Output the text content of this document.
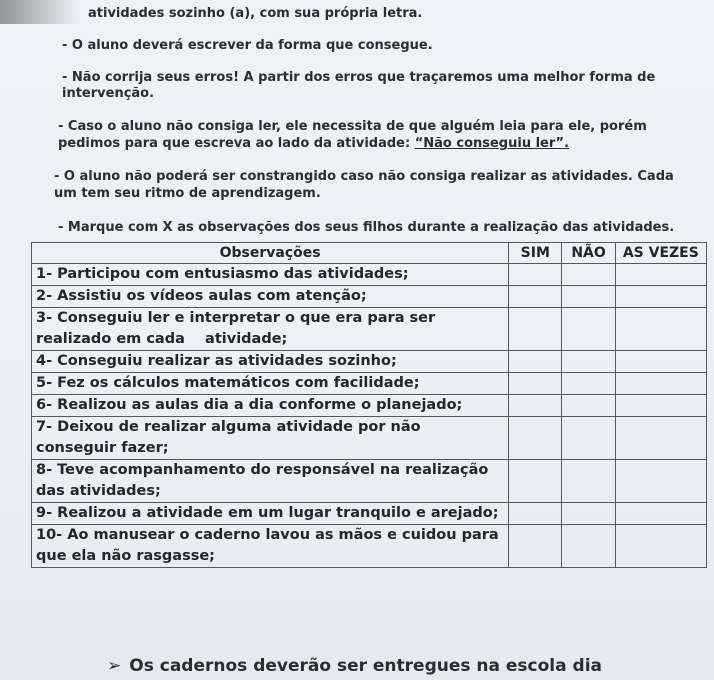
atividades sozinho (a), com sua própria letra.
- O aluno deverá escrever da forma que consegue.
- Não corrija seus erros! A partir dos erros que traçaremos uma melhor forma de
intervenção.
- Caso o aluno não consiga ler, ele necessita de que alguém leia para ele, porém
pedimos para que escreva ao lado da atividade: “Não conseguiu ler”.
- O aluno não poderá ser constrangido caso não consiga realizar as atividades. Cada
um tem seu ritmo de aprendizagem.
- Marque com X as observações dos seus filhos durante a realização das atividades.
Observações	SIM	NÃO	AS VEZES
1- Participou com entusiasmo das atividades;			
2- Assistiu os vídeos aulas com atenção;			
3- Conseguiu ler e interpretar o que era para ser realizado em cada    atividade;			
4- Conseguiu realizar as atividades sozinho;			
5- Fez os cálculos matemáticos com facilidade;			
6- Realizou as aulas dia a dia conforme o planejado;			
7- Deixou de realizar alguma atividade por não conseguir fazer;			
8- Teve acompanhamento do responsável na realização das atividades;			
9- Realizou a atividade em um lugar tranquilo e arejado;			
10- Ao manusear o caderno lavou as mãos e cuidou para que ela não rasgasse;			
➢ Os cadernos deverão ser entregues na escola dia
